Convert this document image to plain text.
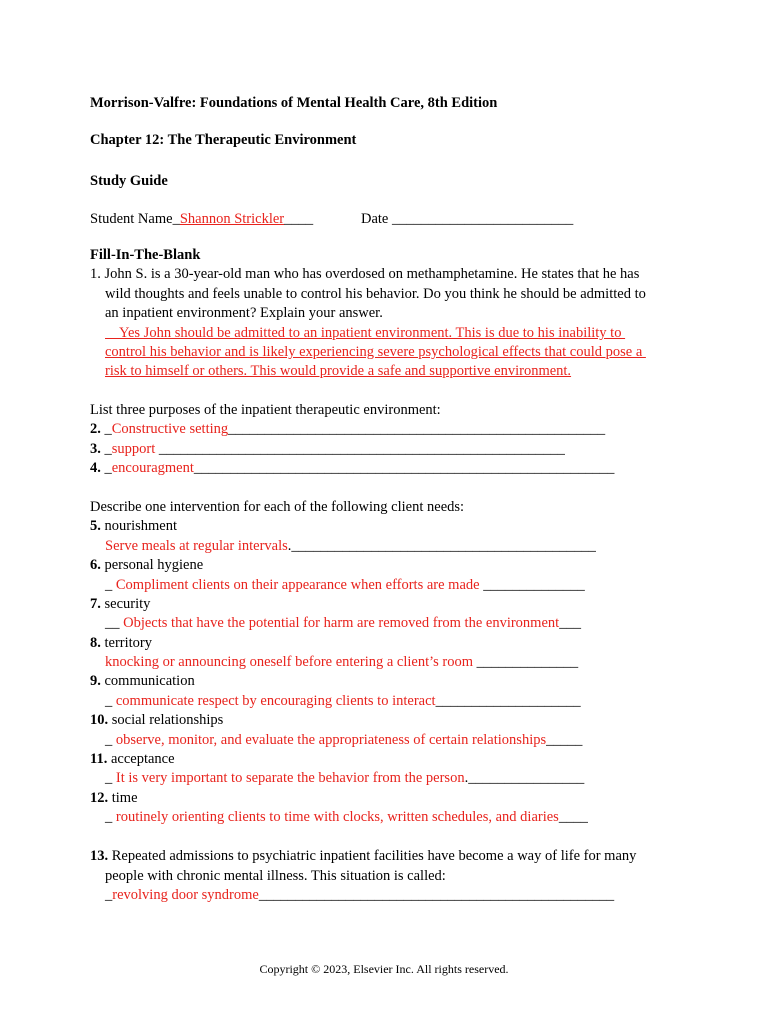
Morrison-Valfre: Foundations of Mental Health Care, 8th Edition
Chapter 12: The Therapeutic Environment
Study Guide
Student Name_Shannon Strickler____	Date _________________________
Fill-In-The-Blank
1. John S. is a 30-year-old man who has overdosed on methamphetamine. He states that he has
wild thoughts and feels unable to control his behavior. Do you think he should be admitted to
an inpatient environment? Explain your answer.
Yes John should be admitted to an inpatient environment. This is due to his inability to
control his behavior and is likely experiencing severe psychological effects that could pose a
risk to himself or others. This would provide a safe and supportive environment.
List three purposes of the inpatient therapeutic environment:
2. _Constructive setting____________________________________________________
3. _support ________________________________________________________
4. _encouragment__________________________________________________________
Describe one intervention for each of the following client needs:
5. nourishment
Serve meals at regular intervals.__________________________________________
6. personal hygiene
_ Compliment clients on their appearance when efforts are made ______________
7. security
__ Objects that have the potential for harm are removed from the environment___
8. territory
knocking or announcing oneself before entering a client’s room ______________
9. communication
_ communicate respect by encouraging clients to interact____________________
10. social relationships
_ observe, monitor, and evaluate the appropriateness of certain relationships_____
11. acceptance
_ It is very important to separate the behavior from the person.________________
12. time
_ routinely orienting clients to time with clocks, written schedules, and diaries____
13. Repeated admissions to psychiatric inpatient facilities have become a way of life for many
people with chronic mental illness. This situation is called:
_revolving door syndrome_________________________________________________
Copyright © 2023, Elsevier Inc. All rights reserved.
